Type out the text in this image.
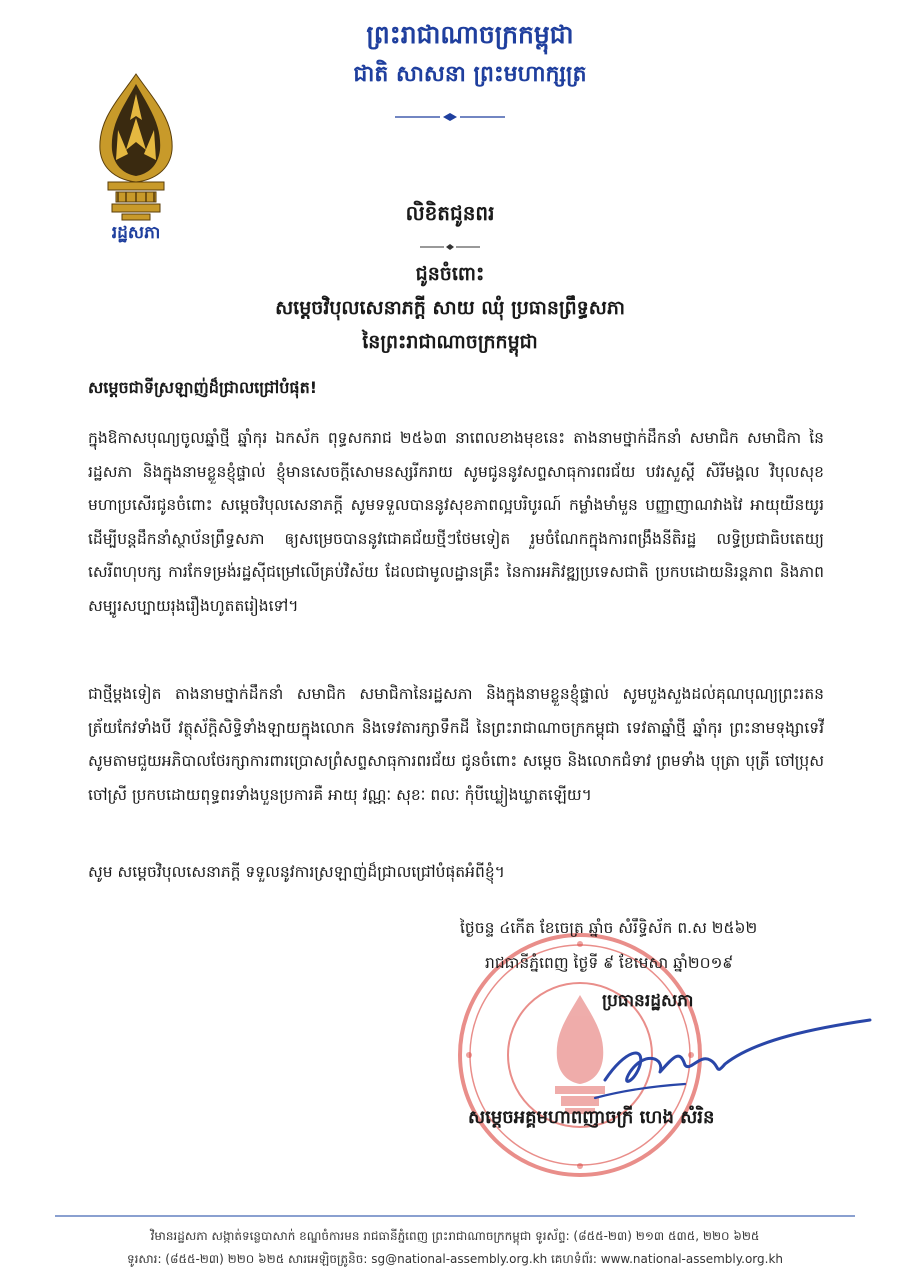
រដ្ឋសភា
ព្រះរាជាណាចក្រកម្ពុជា
ជាតិ សាសនា ព្រះមហាក្សត្រ
លិខិតជូនពរ
ជូនចំពោះ
សម្តេចវិបុលសេនាភក្តី សាយ ឈុំ ប្រធានព្រឹទ្ធសភា
នៃព្រះរាជាណាចក្រកម្ពុជា
សម្តេចជាទីស្រឡាញ់ដ៏ជ្រាលជ្រៅបំផុត!
ក្នុងឱកាសបុណ្យចូលឆ្នាំថ្មី ឆ្នាំកុរ ឯកស័ក ពុទ្ធសករាជ ២៥៦៣ នាពេលខាងមុខនេះ តាងនាមថ្នាក់ដឹកនាំ សមាជិក សមាជិកា នៃរដ្ឋសភា និងក្នុងនាមខ្លួនខ្ញុំផ្ទាល់ ខ្ញុំមានសេចក្តីសោមនស្សរីករាយ សូមជូននូវសព្ទសាធុការពរជ័យ បវរសួស្តី សិរីមង្គល វិបុលសុខ មហាប្រសើរជូនចំពោះ សម្តេចវិបុលសេនាភក្តី សូមទទួលបាននូវសុខភាពល្អបរិបូរណ៍ កម្លាំងមាំមួន បញ្ញាញាណវាងវៃ អាយុយឺនយូរ ដើម្បីបន្តដឹកនាំស្ថាប័នព្រឹទ្ធសភា ឲ្យសម្រេចបាននូវជោគជ័យថ្មីៗថែមទៀត រួមចំណែកក្នុងការពង្រឹងនីតិរដ្ឋ លទ្ធិប្រជាធិបតេយ្យ សេរីពហុបក្ស ការកែទម្រង់រដ្ឋស៊ីជម្រៅលើគ្រប់វិស័យ ដែលជាមូលដ្ឋានគ្រឹះ នៃការអភិវឌ្ឍប្រទេសជាតិ ប្រកបដោយនិរន្តភាព និងភាពសម្បូរសប្បាយរុងរឿងហូតតរៀងទៅ។
ជាថ្មីម្តងទៀត តាងនាមថ្នាក់ដឹកនាំ សមាជិក សមាជិកានៃរដ្ឋសភា និងក្នុងនាមខ្លួនខ្ញុំផ្ទាល់ សូមបួងសួងដល់គុណបុណ្យព្រះរតនត្រ័យកែវទាំងបី វត្ថុស័ក្តិសិទ្ធិទាំងឡាយក្នុងលោក និងទេវតារក្សាទឹកដី នៃព្រះរាជាណាចក្រកម្ពុជា ទេវតាឆ្នាំថ្មី ឆ្នាំកុរ ព្រះនាមទុង្សាទេវី សូមតាមជួយអភិបាលថែរក្សាការពារប្រោសព្រំសព្ទសាធុការពរជ័យ ជូនចំពោះ សម្តេច និងលោកជំទាវ ព្រមទាំង បុត្រា បុត្រី ចៅប្រុស ចៅស្រី ប្រកបដោយពុទ្ធពរទាំងបួនប្រការគឺ អាយុ វណ្ណៈ សុខៈ ពលៈ កុំបីឃ្លៀងឃ្លាតឡើយ។
សូម សម្តេចវិបុលសេនាភក្តី ទទួលនូវការស្រឡាញ់ដ៏ជ្រាលជ្រៅបំផុតអំពីខ្ញុំ។
ថ្ងៃចន្ទ ៤កើត ខែចេត្រ ឆ្នាំច សំរឹទ្ធិស័ក ព.ស ២៥៦២
រាជធានីភ្នំពេញ ថ្ងៃទី ៩ ខែមេសា ឆ្នាំ២០១៩
ប្រធានរដ្ឋសភា
សម្តេចអគ្គមហាពញាចក្រី ហេង សំរិន
វិមានរដ្ឋសភា សង្កាត់ទន្លេបាសាក់ ខណ្ឌចំការមន រាជធានីភ្នំពេញ ព្រះរាជាណាចក្រកម្ពុជា ទូរស័ព្ទ: (៨៥៥-២៣) ២១៣ ៥៣៥, ២២០ ៦២៥
ទូរសារ: (៨៥៥-២៣) ២២០ ៦២៥ សារអេឡិចត្រូនិច: sg@national-assembly.org.kh គេហទំព័រ: www.national-assembly.org.kh
